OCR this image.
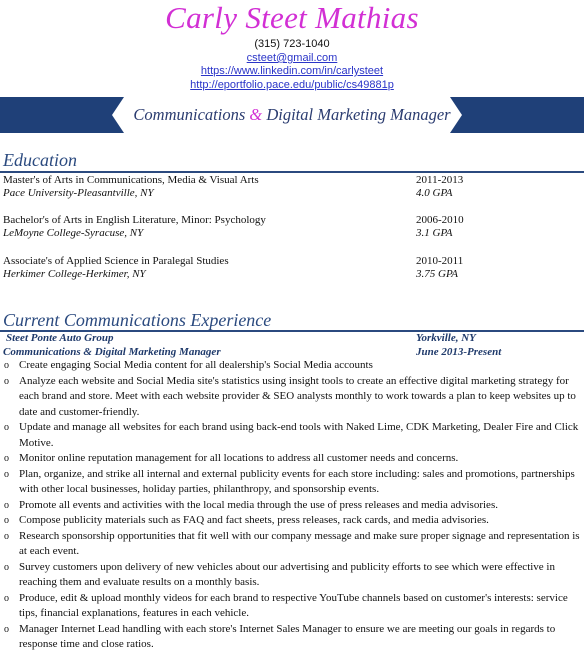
Carly Steet Mathias
(315) 723-1040
csteet@gmail.com
https://www.linkedin.com/in/carlysteet
http://eportfolio.pace.edu/public/cs49881p
Communications & Digital Marketing Manager
Education
Master's of Arts in Communications, Media & Visual Arts	2011-2013
Pace University-Pleasantville, NY	4.0 GPA
Bachelor's of Arts in English Literature, Minor: Psychology	2006-2010
LeMoyne College-Syracuse, NY	3.1 GPA
Associate's of Applied Science in Paralegal Studies	2010-2011
Herkimer College-Herkimer, NY	3.75 GPA
Current Communications Experience
Steet Ponte Auto Group	Yorkville, NY
Communications & Digital Marketing Manager	June 2013-Present
o Create engaging Social Media content for all dealership's Social Media accounts
o Analyze each website and Social Media site's statistics using insight tools to create an effective digital marketing strategy for each brand and store. Meet with each website provider & SEO analysts monthly to work towards a plan to keep websites up to date and customer-friendly.
o Update and manage all websites for each brand using back-end tools with Naked Lime, CDK Marketing, Dealer Fire and Click Motive.
o Monitor online reputation management for all locations to address all customer needs and concerns.
o Plan, organize, and strike all internal and external publicity events for each store including: sales and promotions, partnerships with other local businesses, holiday parties, philanthropy, and sponsorship events.
o Promote all events and activities with the local media through the use of press releases and media advisories.
o Compose publicity materials such as FAQ and fact sheets, press releases, rack cards, and media advisories.
o Research sponsorship opportunities that fit well with our company message and make sure proper signage and representation is at each event.
o Survey customers upon delivery of new vehicles about our advertising and publicity efforts to see which were effective in reaching them and evaluate results on a monthly basis.
o Produce, edit & upload monthly videos for each brand to respective YouTube channels based on customer's interests: service tips, financial explanations, features in each vehicle.
o Manager Internet Lead handling with each store's Internet Sales Manager to ensure we are meeting our goals in regards to response time and close ratios.
